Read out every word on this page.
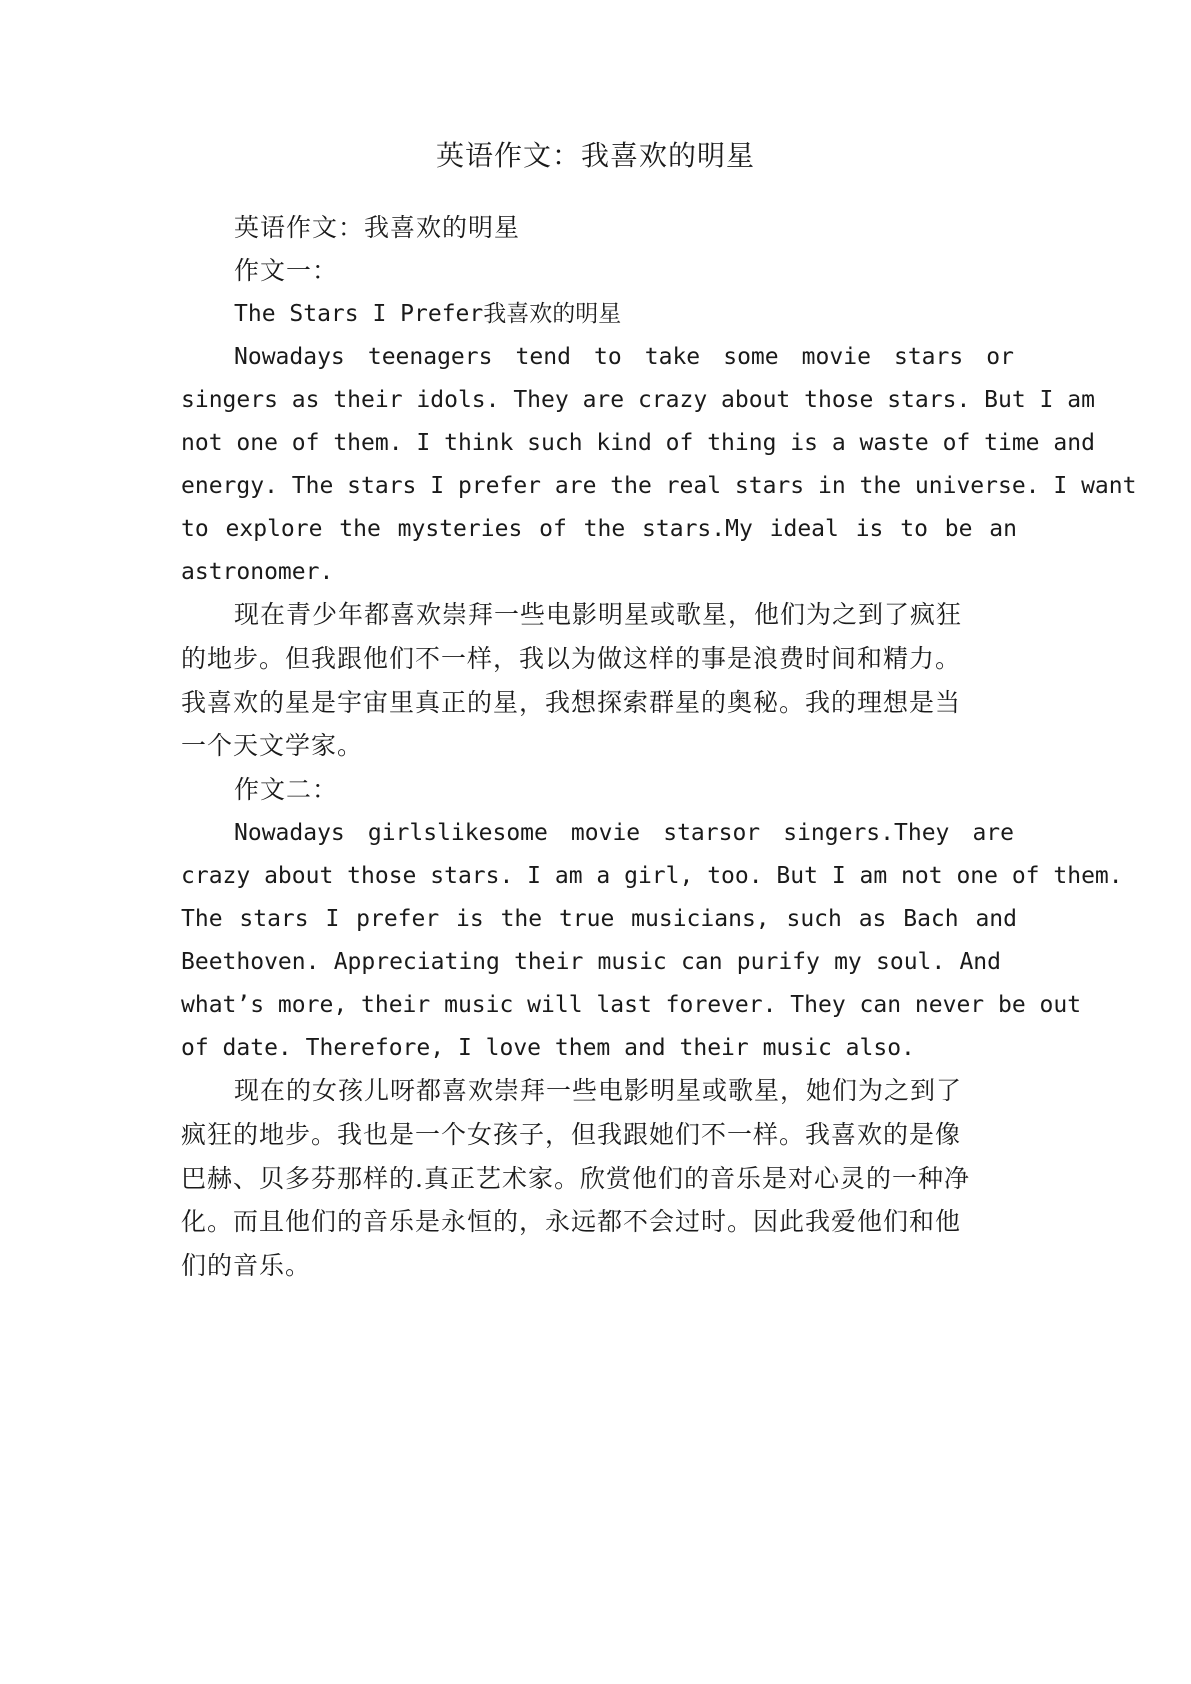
英语作文：我喜欢的明星
英语作文：我喜欢的明星
作文一：
The Stars I Prefer我喜欢的明星
Nowadays teenagers tend to take some movie stars or
singers as their idols. They are crazy about those stars. But I am
not one of them. I think such kind of thing is a waste of time and
energy. The stars I prefer are the real stars in the universe. I want
to explore the mysteries of the stars.My ideal is to be an
astronomer.
现在青少年都喜欢崇拜一些电影明星或歌星，他们为之到了疯狂
的地步。但我跟他们不一样，我以为做这样的事是浪费时间和精力。
我喜欢的星是宇宙里真正的星，我想探索群星的奥秘。我的理想是当
一个天文学家。
作文二：
Nowadays girlslikesome movie starsor singers.They are
crazy about those stars. I am a girl, too. But I am not one of them.
The stars I prefer is the true musicians, such as Bach and
Beethoven. Appreciating their music can purify my soul. And
what’s more, their music will last forever. They can never be out
of date. Therefore, I love them and their music also.
现在的女孩儿呀都喜欢崇拜一些电影明星或歌星，她们为之到了
疯狂的地步。我也是一个女孩子，但我跟她们不一样。我喜欢的是像
巴赫、贝多芬那样的.真正艺术家。欣赏他们的音乐是对心灵的一种净
化。而且他们的音乐是永恒的，永远都不会过时。因此我爱他们和他
们的音乐。
